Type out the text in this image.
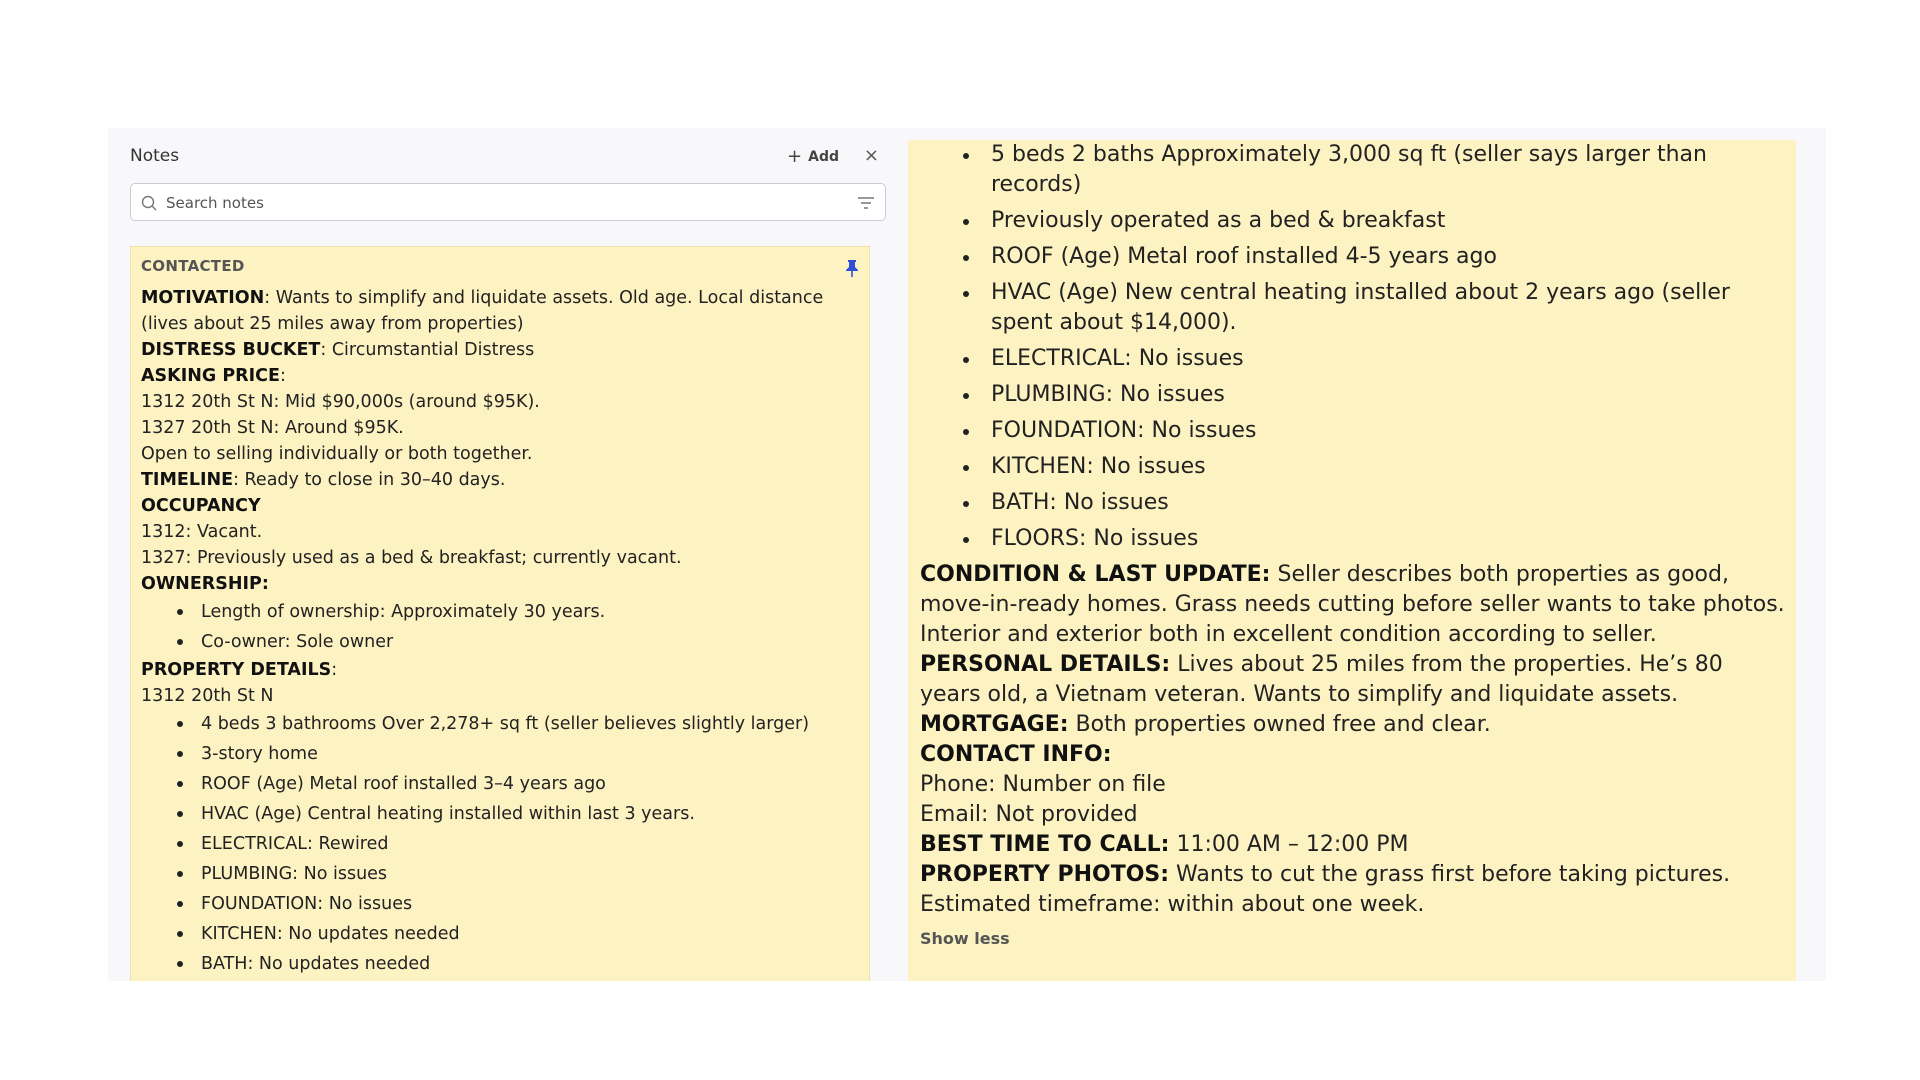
Notes	+ Add ×
Search notes
CONTACTED
MOTIVATION: Wants to simplify and liquidate assets. Old age. Local distance
(lives about 25 miles away from properties)
DISTRESS BUCKET: Circumstantial Distress
ASKING PRICE:
1312 20th St N: Mid $90,000s (around $95K).
1327 20th St N: Around $95K.
Open to selling individually or both together.
TIMELINE: Ready to close in 30–40 days.
OCCUPANCY
1312: Vacant.
1327: Previously used as a bed & breakfast; currently vacant.
OWNERSHIP:
Length of ownership: Approximately 30 years.
Co-owner: Sole owner
PROPERTY DETAILS:
1312 20th St N
4 beds 3 bathrooms Over 2,278+ sq ft (seller believes slightly larger)
3-story home
ROOF (Age) Metal roof installed 3–4 years ago
HVAC (Age) Central heating installed within last 3 years.
ELECTRICAL: Rewired
PLUMBING: No issues
FOUNDATION: No issues
KITCHEN: No updates needed
BATH: No updates needed
5 beds 2 baths Approximately 3,000 sq ft (seller says larger than records)
Previously operated as a bed & breakfast
ROOF (Age) Metal roof installed 4-5 years ago
HVAC (Age) New central heating installed about 2 years ago (seller spent about $14,000).
ELECTRICAL: No issues
PLUMBING: No issues
FOUNDATION: No issues
KITCHEN: No issues
BATH: No issues
FLOORS: No issues

CONDITION & LAST UPDATE: Seller describes both properties as good, move-in-ready homes. Grass needs cutting before seller wants to take photos. Interior and exterior both in excellent condition according to seller.

PERSONAL DETAILS: Lives about 25 miles from the properties. He’s 80 years old, a Vietnam veteran. Wants to simplify and liquidate assets.

MORTGAGE: Both properties owned free and clear.

CONTACT INFO:

Phone: Number on file

Email: Not provided

BEST TIME TO CALL: 11:00 AM – 12:00 PM

PROPERTY PHOTOS: Wants to cut the grass first before taking pictures.

Estimated timeframe: within about one week.

Show less
